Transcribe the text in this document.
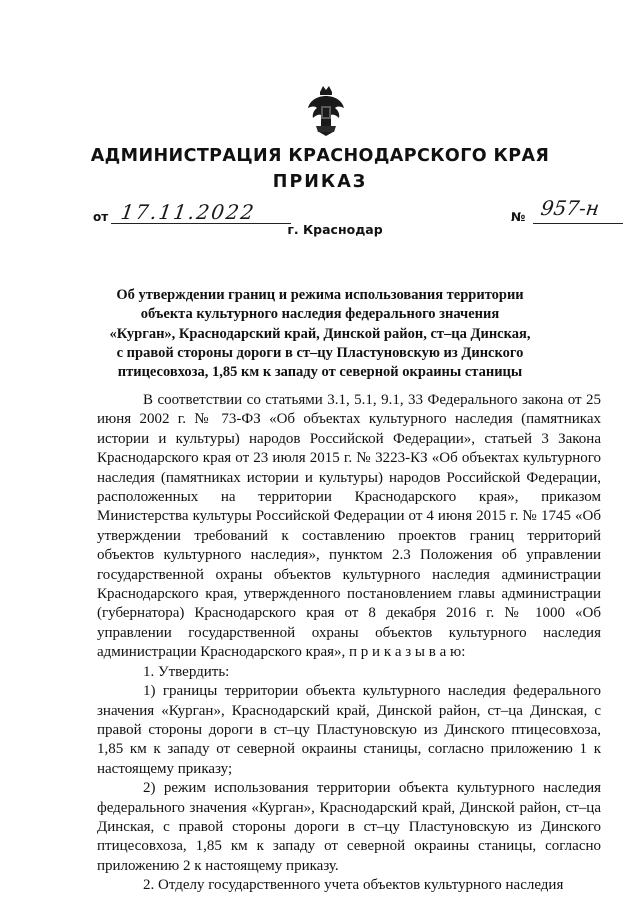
АДМИНИСТРАЦИЯ КРАСНОДАРСКОГО КРАЯ
ПРИКАЗ
от 17.11.2022	№ 957-н
г. Краснодар
Об утверждении границ и режима использования территории
объекта культурного наследия федерального значения
«Курган», Краснодарский край, Динской район, ст–ца Динская,
с правой стороны дороги в ст–цу Пластуновскую из Динского
птицесовхоза, 1,85 км к западу от северной окраины станицы

В соответствии со статьями 3.1, 5.1, 9.1, 33 Федерального закона от 25 июня 2002 г. № 73-ФЗ «Об объектах культурного наследия (памятниках истории и культуры) народов Российской Федерации», статьей 3 Закона Краснодарского края от 23 июля 2015 г. № 3223-КЗ «Об объектах культурного наследия (памятниках истории и культуры) народов Российской Федерации, расположенных на территории Краснодарского края», приказом Министерства культуры Российской Федерации от 4 июня 2015 г. № 1745 «Об утверждении требований к составлению проектов границ территорий объектов культурного наследия», пунктом 2.3 Положения об управлении государственной охраны объектов культурного наследия администрации Краснодарского края, утвержденного постановлением главы администрации (губернатора) Краснодарского края от 8 декабря 2016 г. № 1000 «Об управлении государственной охраны объектов культурного наследия администрации Краснодарского края», п р и к а з ы в а ю:

1. Утвердить:

1) границы территории объекта культурного наследия федерального значения «Курган», Краснодарский край, Динской район, ст–ца Динская, с правой стороны дороги в ст–цу Пластуновскую из Динского птицесовхоза, 1,85 км к западу от северной окраины станицы, согласно приложению 1 к настоящему приказу;

2) режим использования территории объекта культурного наследия федерального значения «Курган», Краснодарский край, Динской район, ст–ца Динская, с правой стороны дороги в ст–цу Пластуновскую из Динского птицесовхоза, 1,85 км к западу от северной окраины станицы, согласно приложению 2 к настоящему приказу.

2. Отделу государственного учета объектов культурного наследия
